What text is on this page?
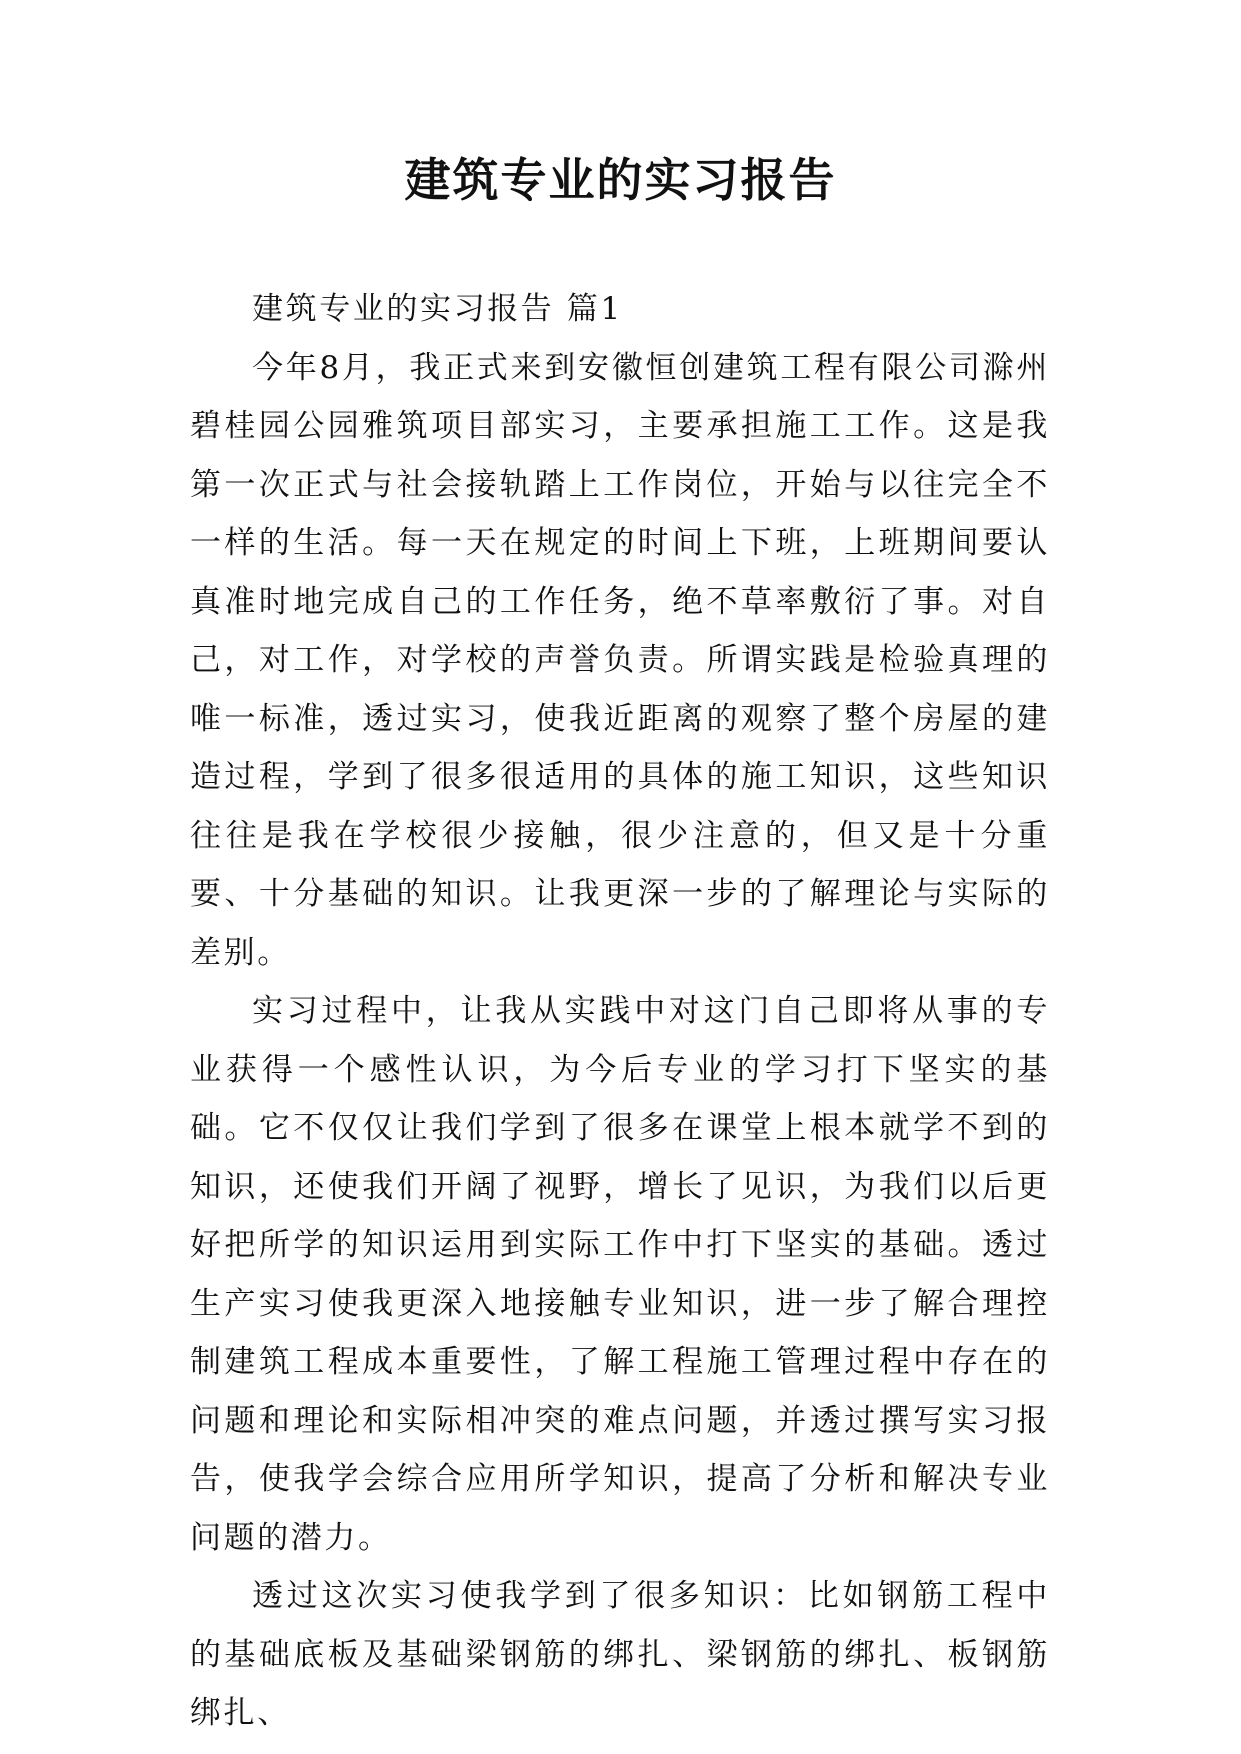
建筑专业的实习报告

建筑专业的实习报告 篇1

今年8月，我正式来到安徽恒创建筑工程有限公司滁州碧桂园公园雅筑项目部实习，主要承担施工工作。这是我第一次正式与社会接轨踏上工作岗位，开始与以往完全不一样的生活。每一天在规定的时间上下班，上班期间要认真准时地完成自己的工作任务，绝不草率敷衍了事。对自己，对工作，对学校的声誉负责。所谓实践是检验真理的唯一标准，透过实习，使我近距离的观察了整个房屋的建造过程，学到了很多很适用的具体的施工知识，这些知识往往是我在学校很少接触，很少注意的，但又是十分重要、十分基础的知识。让我更深一步的了解理论与实际的差别。

实习过程中，让我从实践中对这门自己即将从事的专业获得一个感性认识，为今后专业的学习打下坚实的基础。它不仅仅让我们学到了很多在课堂上根本就学不到的知识，还使我们开阔了视野，增长了见识，为我们以后更好把所学的知识运用到实际工作中打下坚实的基础。透过生产实习使我更深入地接触专业知识，进一步了解合理控制建筑工程成本重要性，了解工程施工管理过程中存在的问题和理论和实际相冲突的难点问题，并透过撰写实习报告，使我学会综合应用所学知识，提高了分析和解决专业问题的潜力。

透过这次实习使我学到了很多知识：比如钢筋工程中的基础底板及基础梁钢筋的绑扎、梁钢筋的绑扎、板钢筋绑扎、
